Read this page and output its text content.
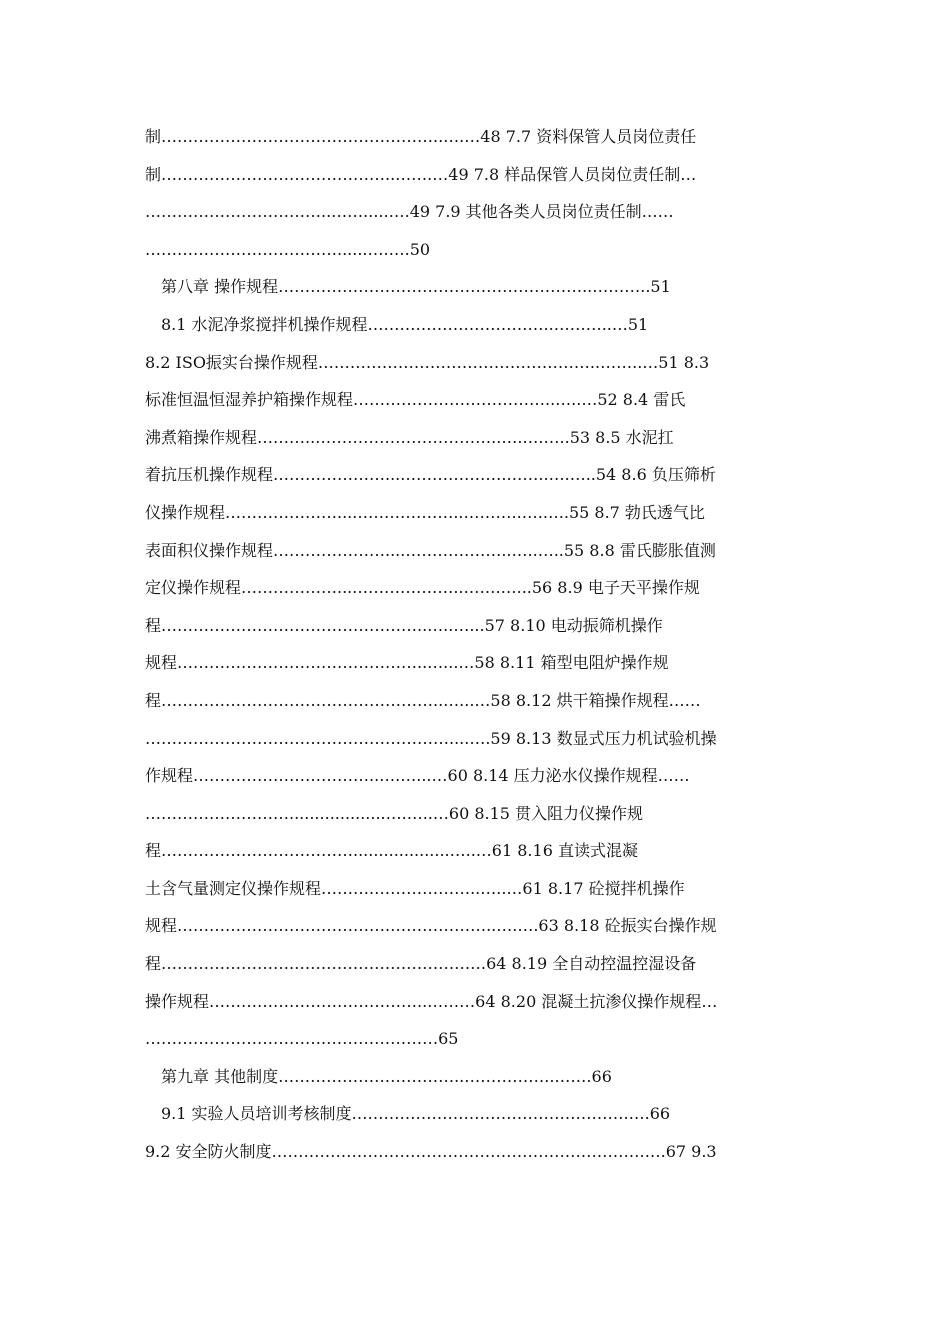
制……………………………………………..….…48 7.7 资料保管人员岗位责任
制……………………………………..…….…49 7.8 样品保管人员岗位责任制…
……………………………..…….....….49 7.9 其他各类人员岗位责任制……
………………………………......….….50
第八章 操作规程…………………………………………………..………..51
8.1 水泥净浆搅拌机操作规程……………………………..………..…51
8.2 ISO振实台操作规程……………………………………………..……..…51 8.3
标准恒温恒湿养护箱操作规程………………………………..…..…52 8.4 雷氏
沸煮箱操作规程………..……………………………..….….…..53 8.5 水泥扛
着抗压机操作规程…………………....……………….……..….…..54 8.6 负压筛析
仪操作规程…………………....………………..………..….…..55 8.7 勃氏透气比
表面积仪操作规程…………………....………………..…..…..55 8.8 雷氏膨胀值测
定仪操作规程………………....………………..…….…...56 8.9 电子天平操作规
程…………………………………………..…..…...57 8.10 电动振筛机操作
规程………………………………………..…...…58 8.11 箱型电阻炉操作规
程……………………………………………..…...…58 8.12 烘干箱操作规程……
…………………………………………………....….59 8.13 数显式压力机试验机操
作规程……………………………..….…...…60 8.14 压力泌水仪操作规程……
………………………...................….…..…60 8.15 贯入阻力仪操作规
程………………………………...................…..…61 8.16 直读式混凝
土含气量测定仪操作规程……….………………..…..…61 8.17 砼搅拌机操作
规程………………………………….………………..….….63 8.18 砼振实台操作规
程…………………….………………………………64 8.19 全自动控温控湿设备
操作规程…………………………………..………64 8.20 混凝土抗渗仪操作规程…
…………………………….…………………65
第九章 其他制度……………………………..……………..…….66
9.1 实验人员培训考核制度…………………………………………….….66
9.2 安全防火制度…………………………………………………………….….67 9.3
